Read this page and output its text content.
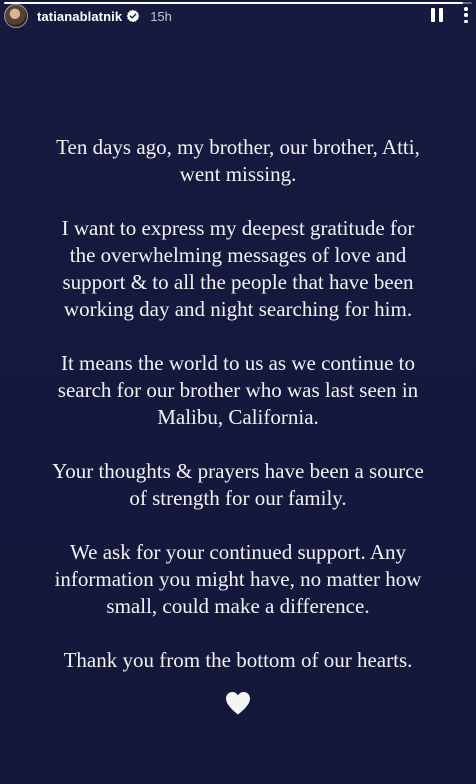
tatianablatnik 15h

Ten days ago, my brother, our brother, Atti,
went missing.

I want to express my deepest gratitude for
the overwhelming messages of love and
support & to all the people that have been
working day and night searching for him.

It means the world to us as we continue to
search for our brother who was last seen in
Malibu, California.

Your thoughts & prayers have been a source
of strength for our family.

We ask for your continued support. Any
information you might have, no matter how
small, could make a difference.

Thank you from the bottom of our hearts.
